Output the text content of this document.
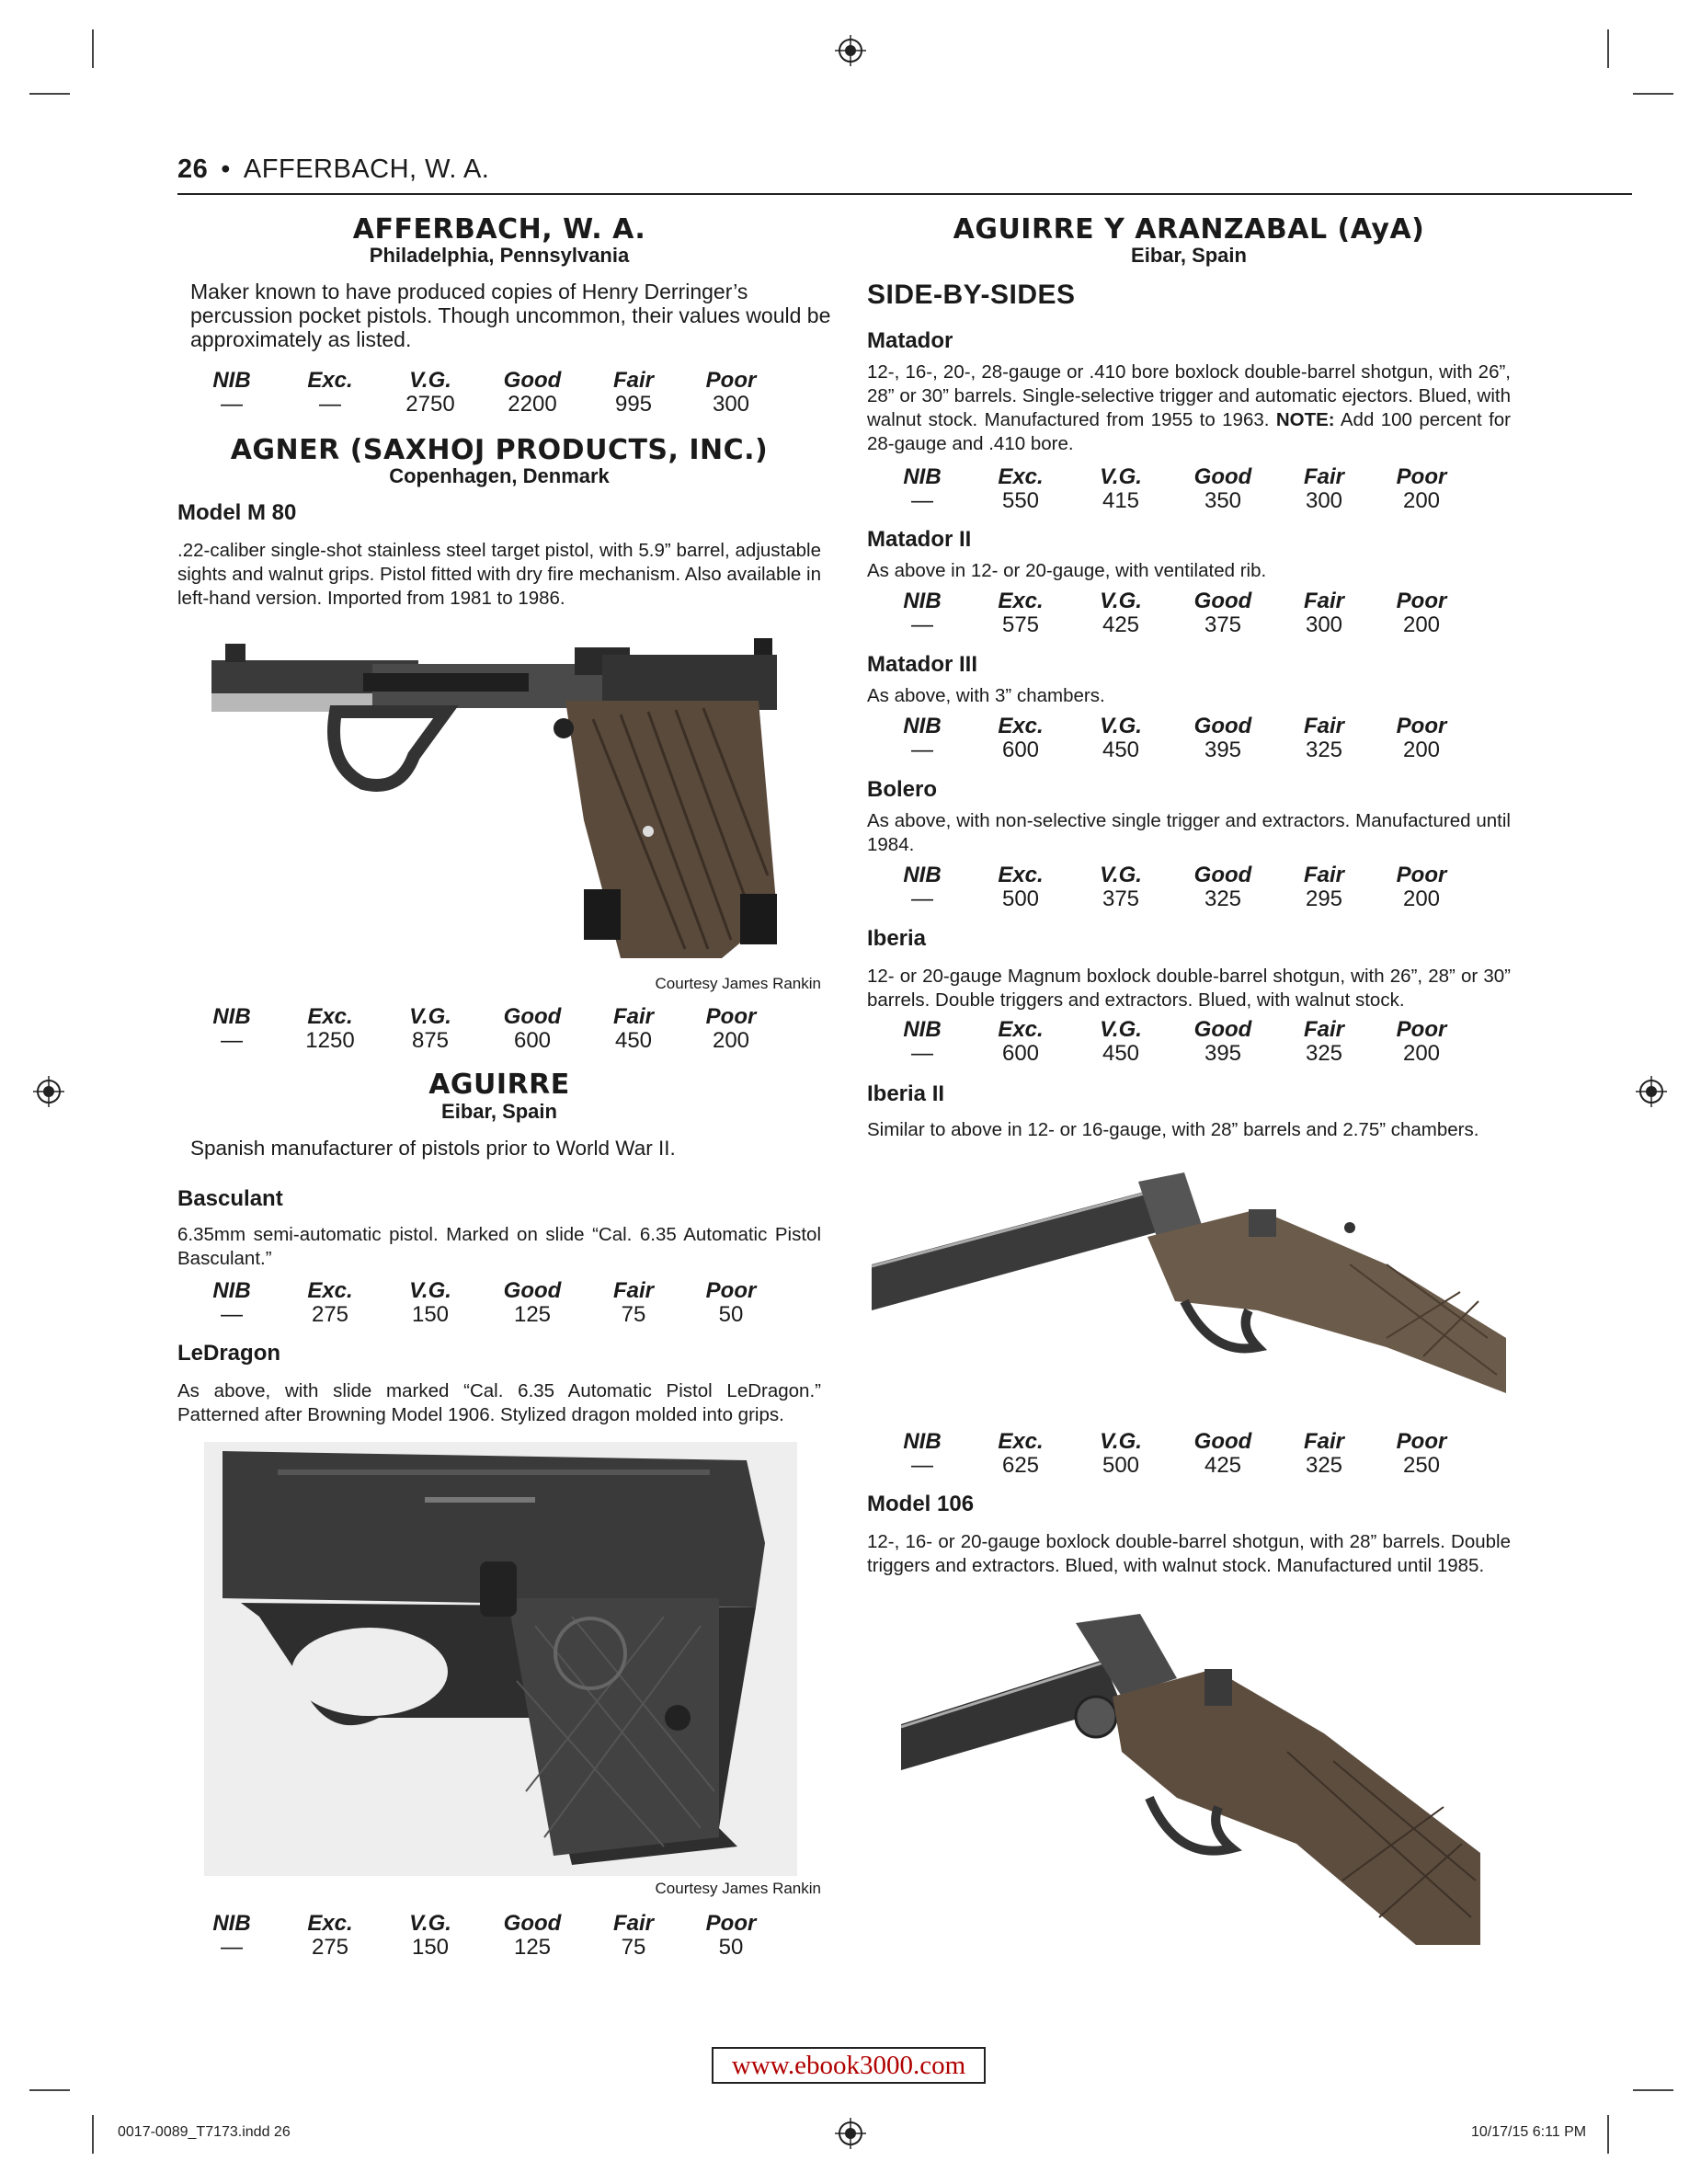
26 • AFFERBACH, W. A.
AFFERBACH, W. A.
Philadelphia, Pennsylvania
Maker known to have produced copies of Henry Derringer’s percussion pocket pistols. Though uncommon, their values would be approximately as listed.
NIB
—
Exc.
—
V.G.
2750
Good
2200
Fair
995
Poor
300
AGNER (SAXHOJ PRODUCTS, INC.)
Copenhagen, Denmark
Model M 80
.22-caliber single-shot stainless steel target pistol, with 5.9” barrel, adjustable sights and walnut grips. Pistol fitted with dry fire mechanism. Also available in left-hand version. Imported from 1981 to 1986.
Courtesy James Rankin
NIB
—
Exc.
1250
V.G.
875
Good
600
Fair
450
Poor
200
AGUIRRE
Eibar, Spain
Spanish manufacturer of pistols prior to World War II.
Basculant
6.35mm semi-automatic pistol. Marked on slide “Cal. 6.35 Automatic Pistol Basculant.”
NIB
—
Exc.
275
V.G.
150
Good
125
Fair
75
Poor
50
LeDragon
As above, with slide marked “Cal. 6.35 Automatic Pistol LeDragon.” Patterned after Browning Model 1906. Stylized dragon molded into grips.
Courtesy James Rankin
NIB
—
Exc.
275
V.G.
150
Good
125
Fair
75
Poor
50
AGUIRRE Y ARANZABAL (AyA)
Eibar, Spain
SIDE-BY-SIDES
Matador
12-, 16-, 20-, 28-gauge or .410 bore boxlock double-barrel shotgun, with 26”, 28” or 30” barrels. Single-selective trigger and automatic ejectors. Blued, with walnut stock. Manufactured from 1955 to 1963. NOTE: Add 100 percent for 28-gauge and .410 bore.
NIB
—
Exc.
550
V.G.
415
Good
350
Fair
300
Poor
200
Matador II
As above in 12- or 20-gauge, with ventilated rib.
NIB
—
Exc.
575
V.G.
425
Good
375
Fair
300
Poor
200
Matador III
As above, with 3” chambers.
NIB
—
Exc.
600
V.G.
450
Good
395
Fair
325
Poor
200
Bolero
As above, with non-selective single trigger and extractors. Manufactured until 1984.
NIB
—
Exc.
500
V.G.
375
Good
325
Fair
295
Poor
200
Iberia
12- or 20-gauge Magnum boxlock double-barrel shotgun, with 26”, 28” or 30” barrels. Double triggers and extractors. Blued, with walnut stock.
NIB
—
Exc.
600
V.G.
450
Good
395
Fair
325
Poor
200
Iberia II
Similar to above in 12- or 16-gauge, with 28” barrels and 2.75” chambers.
NIB
—
Exc.
625
V.G.
500
Good
425
Fair
325
Poor
250
Model 106
12-, 16- or 20-gauge boxlock double-barrel shotgun, with 28” barrels. Double triggers and extractors. Blued, with walnut stock. Manufactured until 1985.
www.ebook3000.com
0017-0089_T7173.indd 26	10/17/15 6:11 PM
